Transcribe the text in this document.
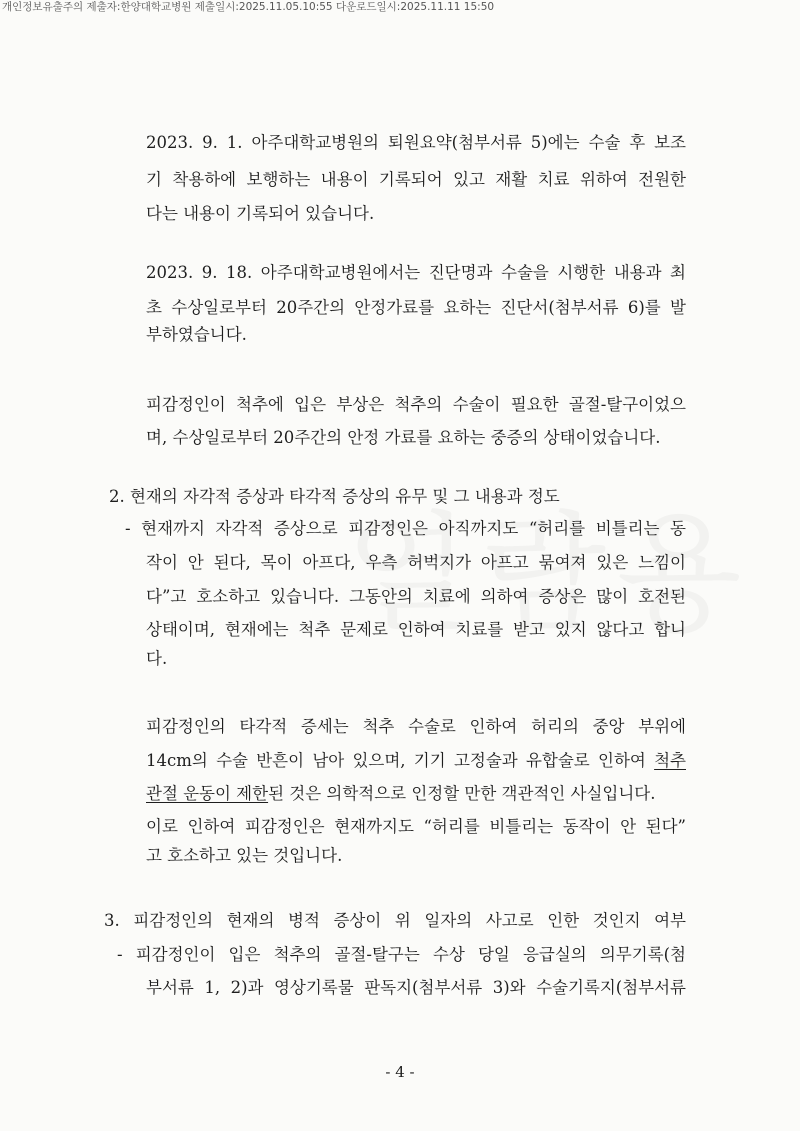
개인정보유출주의 제출자:한양대학교병원 제출일시:2025.11.05.10:55 다운로드일시:2025.11.11 15:50
2023. 9. 1. 아주대학교병원의 퇴원요약(첨부서류 5)에는 수술 후 보조
기 착용하에 보행하는 내용이 기록되어 있고 재활 치료 위하여 전원한
다는 내용이 기록되어 있습니다.
2023. 9. 18. 아주대학교병원에서는 진단명과 수술을 시행한 내용과 최
초 수상일로부터 20주간의 안정가료를 요하는 진단서(첨부서류 6)를 발
부하였습니다.
피감정인이 척추에 입은 부상은 척추의 수술이 필요한 골절-탈구이었으
며, 수상일로부터 20주간의 안정 가료를 요하는 중증의 상태이었습니다.
2. 현재의 자각적 증상과 타각적 증상의 유무 및 그 내용과 정도
- 현재까지 자각적 증상으로 피감정인은 아직까지도 “허리를 비틀리는 동
작이 안 된다, 목이 아프다, 우측 허벅지가 아프고 묶여져 있은 느낌이
다”고 호소하고 있습니다. 그동안의 치료에 의하여 증상은 많이 호전된
상태이며, 현재에는 척추 문제로 인하여 치료를 받고 있지 않다고 합니
다.
피감정인의 타각적 증세는 척추 수술로 인하여 허리의 중앙 부위에
14cm의 수술 반흔이 남아 있으며, 기기 고정술과 유합술로 인하여 척추
관절 운동이 제한된 것은 의학적으로 인정할 만한 객관적인 사실입니다.
이로 인하여 피감정인은 현재까지도 “허리를 비틀리는 동작이 안 된다”
고 호소하고 있는 것입니다.
3. 피감정인의 현재의 병적 증상이 위 일자의 사고로 인한 것인지 여부
- 피감정인이 입은 척추의 골절-탈구는 수상 당일 응급실의 의무기록(첨
부서류 1, 2)과 영상기록물 판독지(첨부서류 3)와 수술기록지(첨부서류
- 4 -
